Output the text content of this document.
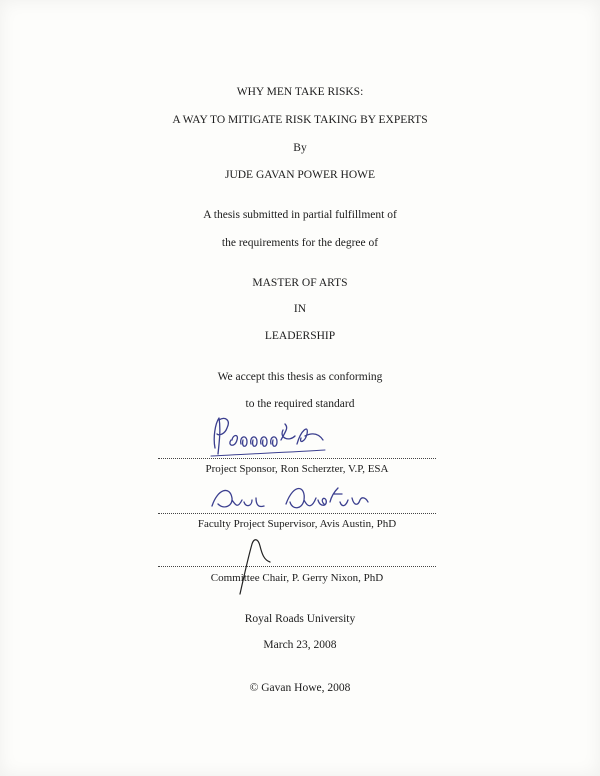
WHY MEN TAKE RISKS:
A WAY TO MITIGATE RISK TAKING BY EXPERTS
By
JUDE GAVAN POWER HOWE
A thesis submitted in partial fulfillment of
the requirements for the degree of
MASTER OF ARTS
IN
LEADERSHIP
We accept this thesis as conforming
to the required standard
Project Sponsor, Ron Scherzter, V.P, ESA
Faculty Project Supervisor, Avis Austin, PhD
Committee Chair, P. Gerry Nixon, PhD
Royal Roads University
March 23, 2008
© Gavan Howe, 2008
